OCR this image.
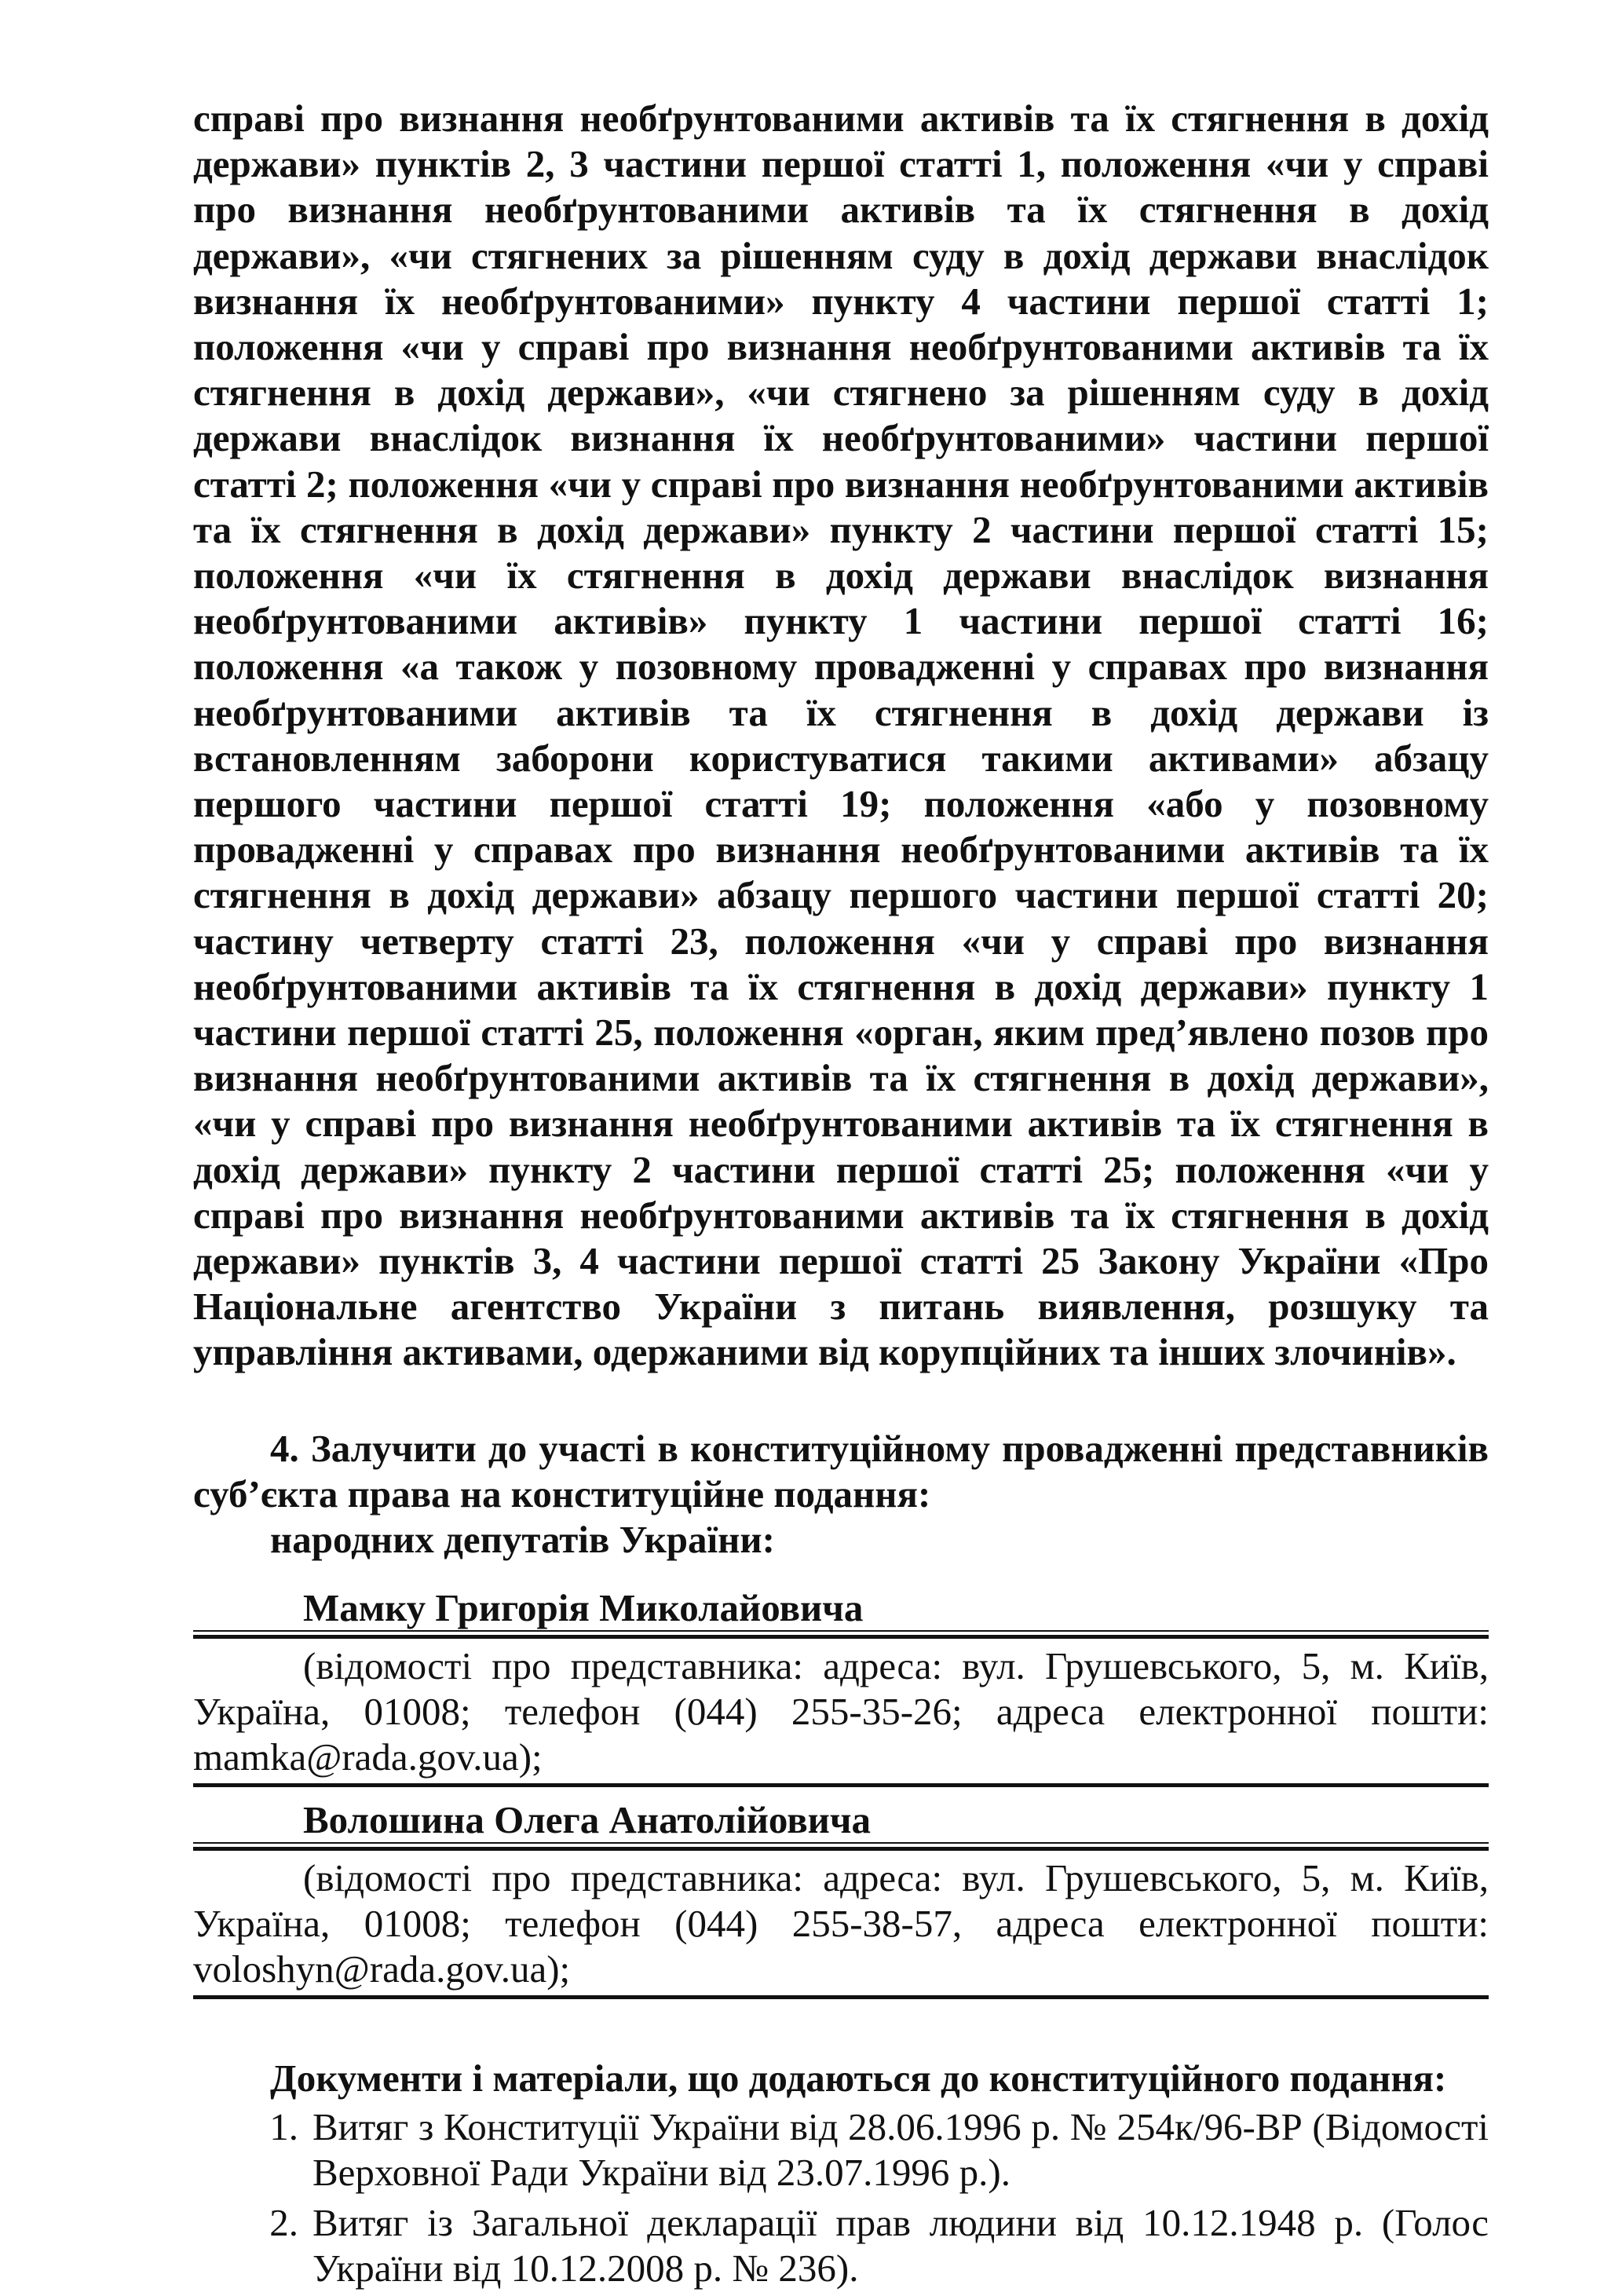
справі про визнання необґрунтованими активів та їх стягнення в дохід держави» пунктів 2, 3 частини першої статті 1, положення «чи у справі про визнання необґрунтованими активів та їх стягнення в дохід держави», «чи стягнених за рішенням суду в дохід держави внаслідок визнання їх необґрунтованими» пункту 4 частини першої статті 1; положення «чи у справі про визнання необґрунтованими активів та їх стягнення в дохід держави», «чи стягнено за рішенням суду в дохід держави внаслідок визнання їх необґрунтованими» частини першої статті 2; положення «чи у справі про визнання необґрунтованими активів та їх стягнення в дохід держави» пункту 2 частини першої статті 15; положення «чи їх стягнення в дохід держави внаслідок визнання необґрунтованими активів» пункту 1 частини першої статті 16; положення «а також у позовному провадженні у справах про визнання необґрунтованими активів та їх стягнення в дохід держави із встановленням заборони користуватися такими активами» абзацу першого частини першої статті 19; положення «або у позовному провадженні у справах про визнання необґрунтованими активів та їх стягнення в дохід держави» абзацу першого частини першої статті 20; частину четверту статті 23, положення «чи у справі про визнання необґрунтованими активів та їх стягнення в дохід держави» пункту 1 частини першої статті 25, положення «орган, яким пред’явлено позов про визнання необґрунтованими активів та їх стягнення в дохід держави», «чи у справі про визнання необґрунтованими активів та їх стягнення в дохід держави» пункту 2 частини першої статті 25; положення «чи у справі про визнання необґрунтованими активів та їх стягнення в дохід держави» пунктів 3, 4 частини першої статті 25 Закону України «Про Національне агентство України з питань виявлення, розшуку та управління активами, одержаними від корупційних та інших злочинів».

4. Залучити до участі в конституційному провадженні представників суб’єкта права на конституційне подання:

народних депутатів України:

Мамку Григорія Миколайовича

(відомості про представника: адреса: вул. Грушевського, 5, м. Київ, Україна, 01008; телефон (044) 255-35-26; адреса електронної пошти: mamka@rada.gov.ua);

Волошина Олега Анатолійовича

(відомості про представника: адреса: вул. Грушевського, 5, м. Київ, Україна, 01008; телефон (044) 255-38-57, адреса електронної пошти: voloshyn@rada.gov.ua);

Документи і матеріали, що додаються до конституційного подання:

1. Витяг з Конституції України від 28.06.1996 р. № 254к/96-ВР (Відомості Верховної Ради України від 23.07.1996 р.).
2. Витяг із Загальної декларації прав людини від 10.12.1948 р. (Голос України від 10.12.2008 р. № 236).
